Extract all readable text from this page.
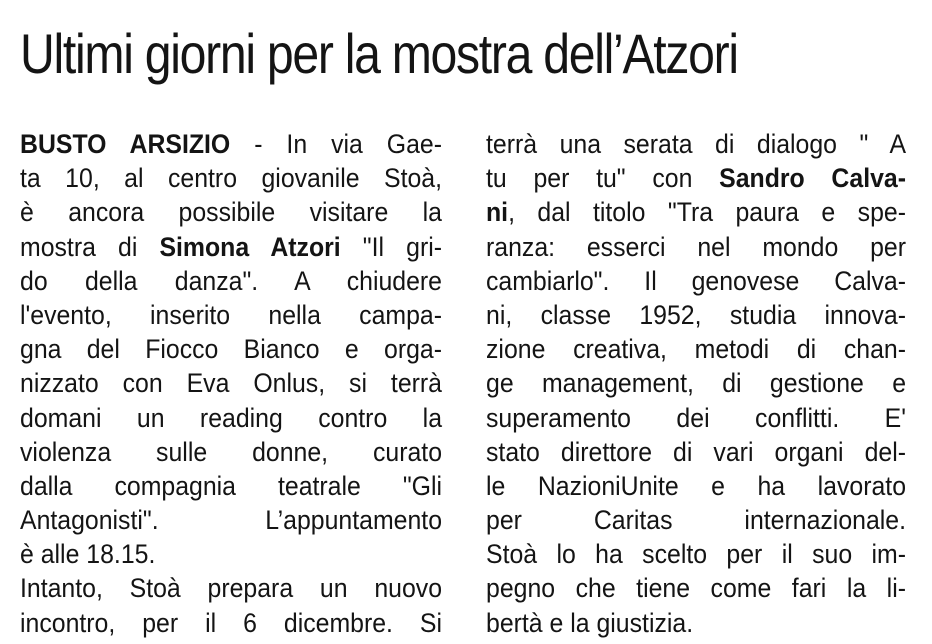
Ultimi giorni per la mostra dell’Atzori
BUSTO ARSIZIO - In via Gae-
ta 10, al centro giovanile Stoà,
è ancora possibile visitare la
mostra di Simona Atzori "Il gri-
do della danza". A chiudere
l'evento, inserito nella campa-
gna del Fiocco Bianco e orga-
nizzato con Eva Onlus, si terrà
domani un reading contro la
violenza sulle donne, curato
dalla compagnia teatrale "Gli
Antagonisti". L’appuntamento
è alle 18.15.
Intanto, Stoà prepara un nuovo
incontro, per il 6 dicembre. Si
terrà una serata di dialogo " A
tu per tu" con Sandro Calva-
ni, dal titolo "Tra paura e spe-
ranza: esserci nel mondo per
cambiarlo". Il genovese Calva-
ni, classe 1952, studia innova-
zione creativa, metodi di chan-
ge management, di gestione e
superamento dei conflitti. E'
stato direttore di vari organi del-
le NazioniUnite e ha lavorato
per Caritas internazionale.
Stoà lo ha scelto per il suo im-
pegno che tiene come fari la li-
bertà e la giustizia.
